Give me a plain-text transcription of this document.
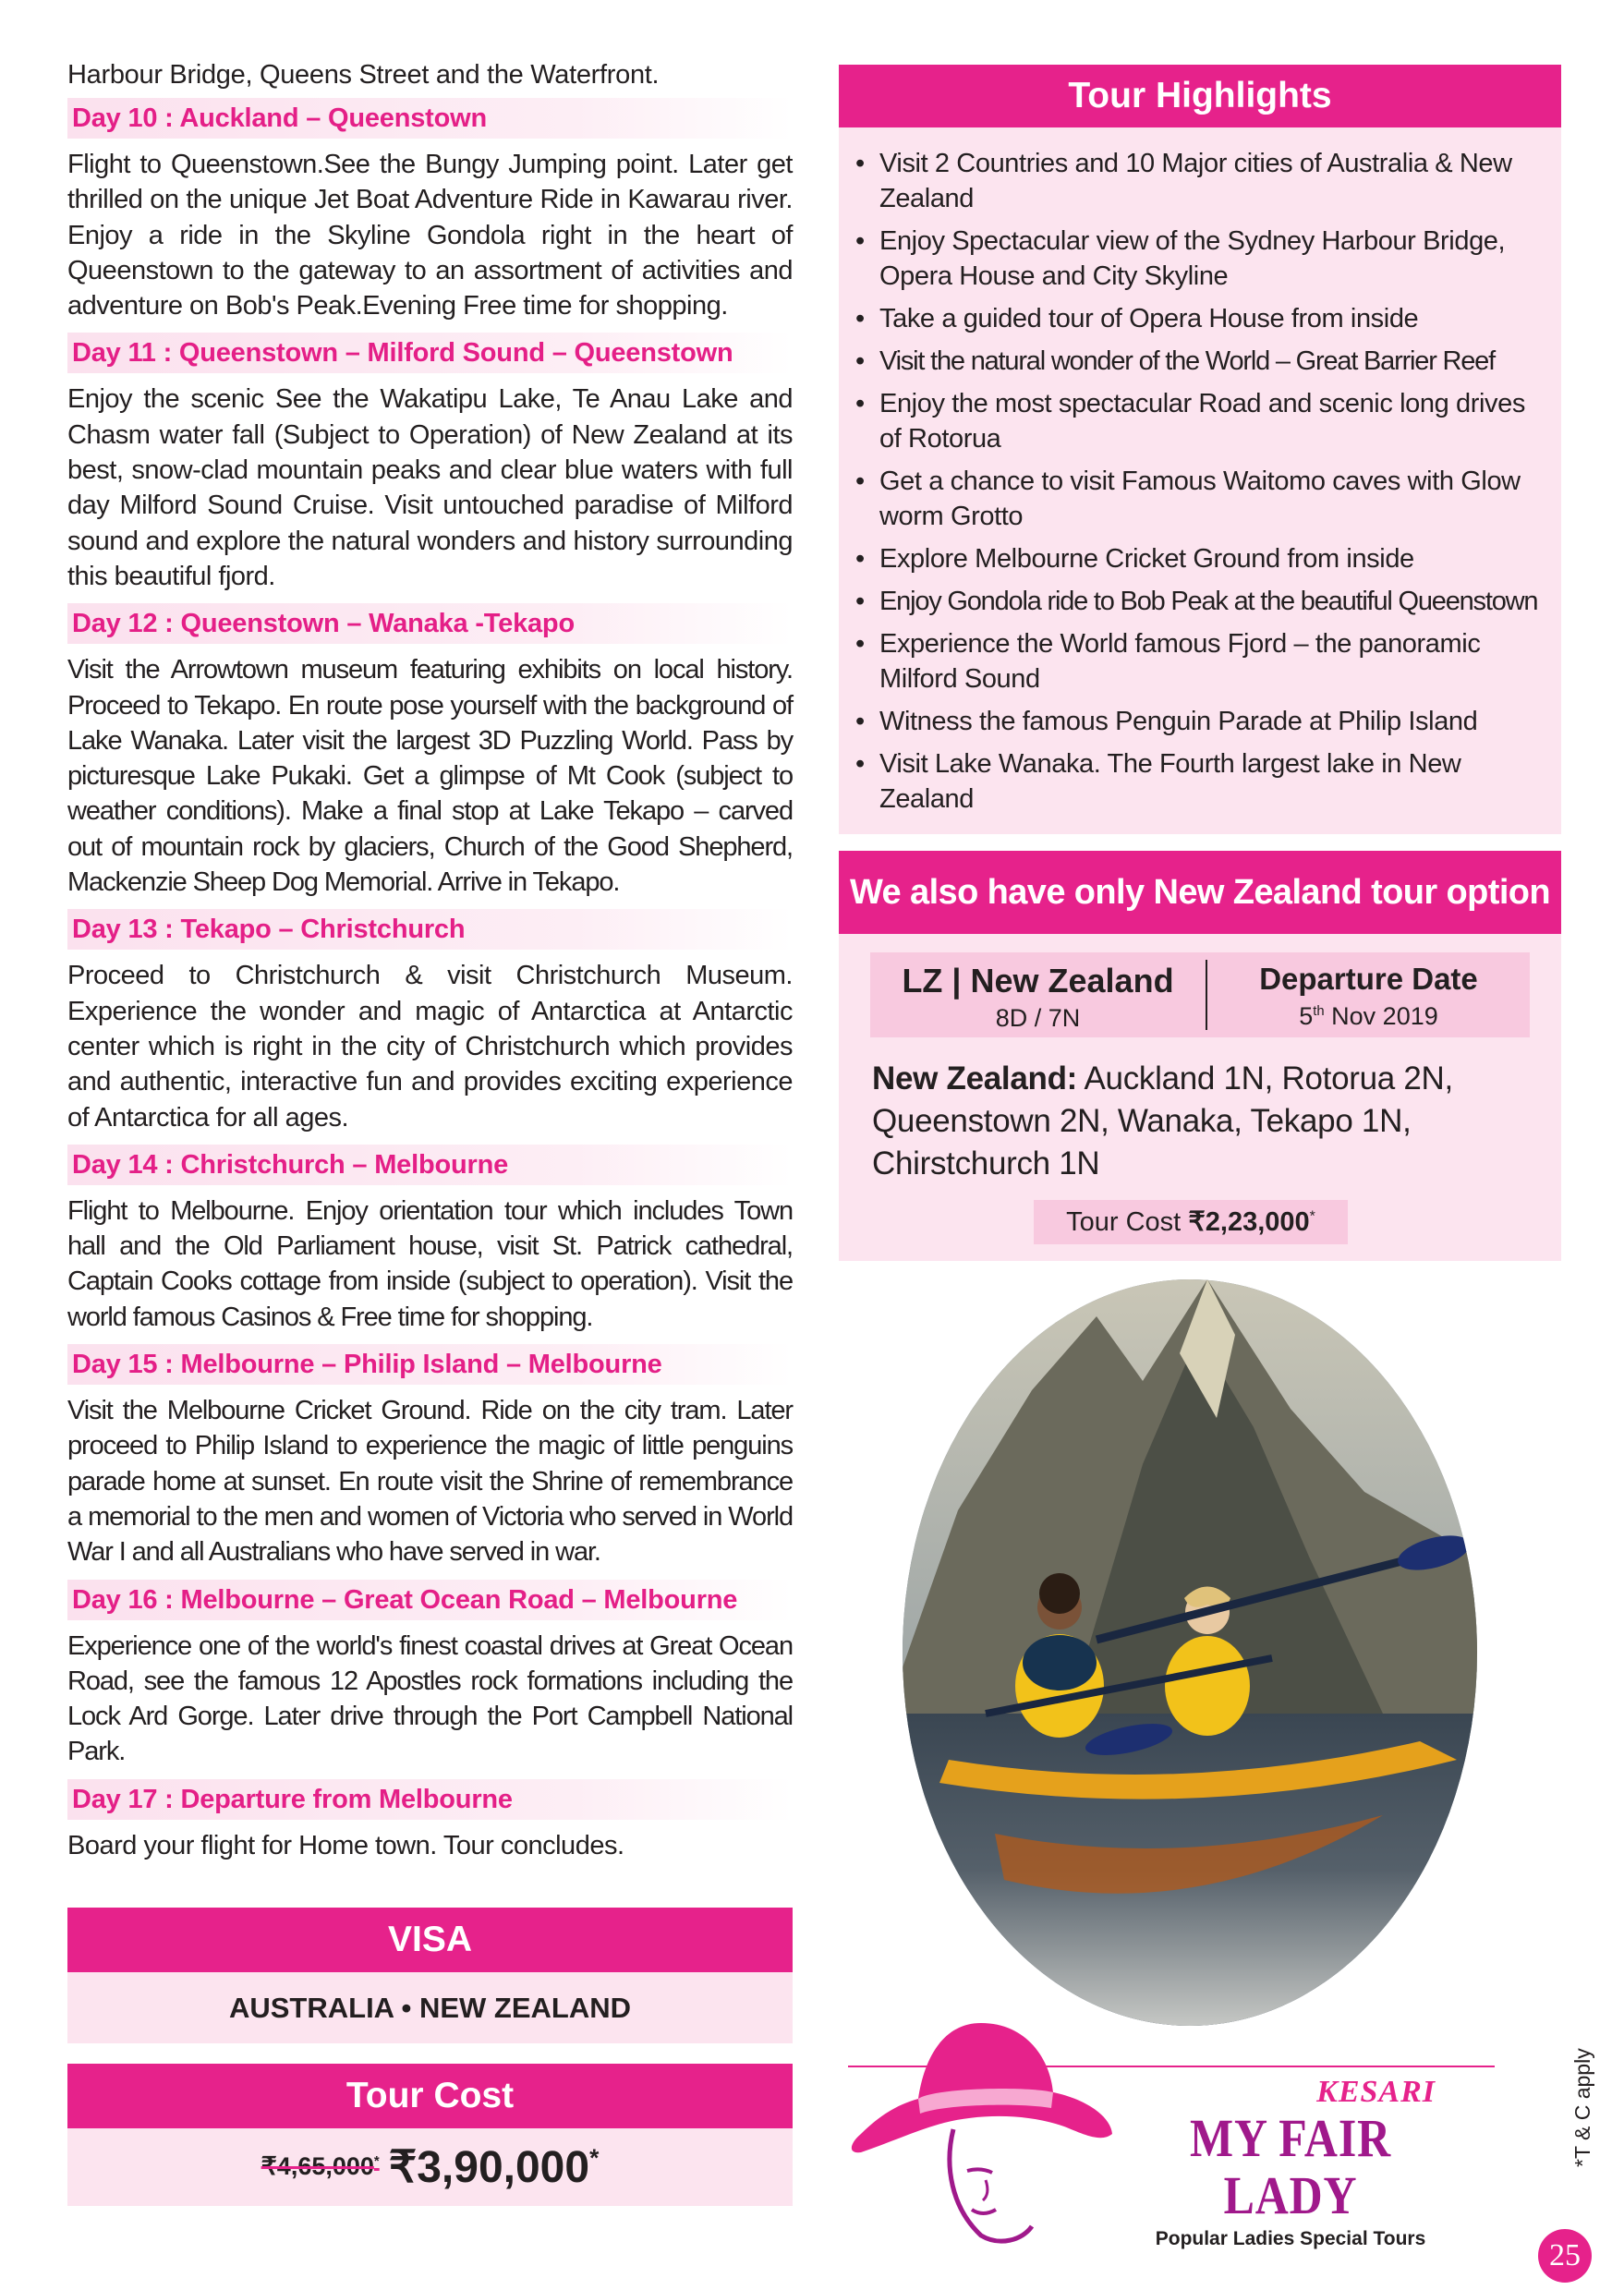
Harbour Bridge, Queens Street and the Waterfront.

Day 10 : Auckland – Queenstown

Flight to Queenstown.See the Bungy Jumping point. Later get thrilled on the unique Jet Boat Adventure Ride in Kawarau river. Enjoy a ride in the Skyline Gondola right in the heart of Queenstown to the gateway to an assortment of activities and adventure on Bob's Peak.Evening Free time for shopping.

Day 11 : Queenstown – Milford Sound – Queenstown

Enjoy the scenic See the Wakatipu Lake, Te Anau Lake and Chasm water fall (Subject to Operation) of New Zealand at its best, snow-clad mountain peaks and clear blue waters with full day Milford Sound Cruise. Visit untouched paradise of Milford sound and explore the natural wonders and history surrounding this beautiful fjord.

Day 12 : Queenstown – Wanaka -Tekapo

Visit the Arrowtown museum featuring exhibits on local history. Proceed to Tekapo. En route pose yourself with the background of Lake Wanaka. Later visit the largest 3D Puzzling World. Pass by picturesque Lake Pukaki. Get a glimpse of Mt Cook (subject to weather conditions). Make a final stop at Lake Tekapo – carved out of mountain rock by glaciers, Church of the Good Shepherd, Mackenzie Sheep Dog Memorial. Arrive in Tekapo.

Day 13 : Tekapo – Christchurch

Proceed to Christchurch & visit Christchurch Museum. Experience the wonder and magic of Antarctica at Antarctic center which is right in the city of Christchurch which provides and authentic, interactive fun and provides exciting experience of Antarctica for all ages.

Day 14 : Christchurch – Melbourne

Flight to Melbourne. Enjoy orientation tour which includes Town hall and the Old Parliament house, visit St. Patrick cathedral, Captain Cooks cottage from inside (subject to operation). Visit the world famous Casinos & Free time for shopping.

Day 15 : Melbourne – Philip Island – Melbourne

Visit the Melbourne Cricket Ground. Ride on the city tram. Later proceed to Philip Island to experience the magic of little penguins parade home at sunset. En route visit the Shrine of remembrance a memorial to the men and women of Victoria who served in World War I and all Australians who have served in war.

Day 16 : Melbourne – Great Ocean Road – Melbourne

Experience one of the world's finest coastal drives at Great Ocean Road, see the famous 12 Apostles rock formations including the Lock Ard Gorge. Later drive through the Port Campbell National Park.

Day 17 : Departure from Melbourne

Board your flight for Home town. Tour concludes.

VISA
AUSTRALIA • NEW ZEALAND
Tour Cost
₹4,65,000* ₹3,90,000*
Tour Highlights
• Visit 2 Countries and 10 Major cities of Australia & New Zealand
• Enjoy Spectacular view of the Sydney Harbour Bridge, Opera House and City Skyline
• Take a guided tour of Opera House from inside
• Visit the natural wonder of the World – Great Barrier Reef
• Enjoy the most spectacular Road and scenic long drives of Rotorua
• Get a chance to visit Famous Waitomo caves with Glow worm Grotto
• Explore Melbourne Cricket Ground from inside
• Enjoy Gondola ride to Bob Peak at the beautiful Queenstown
• Experience the World famous Fjord – the panoramic Milford Sound
• Witness the famous Penguin Parade at Philip Island
• Visit Lake Wanaka. The Fourth largest lake in New Zealand
We also have only New Zealand tour option
LZ | New Zealand
8D / 7N
Departure Date
5th Nov 2019

New Zealand: Auckland 1N, Rotorua 2N, Queenstown 2N, Wanaka, Tekapo 1N, Chirstchurch 1N

Tour Cost ₹2,23,000*
KESARI
MY FAIR LADY
Popular Ladies Special Tours
*T & C apply
25
